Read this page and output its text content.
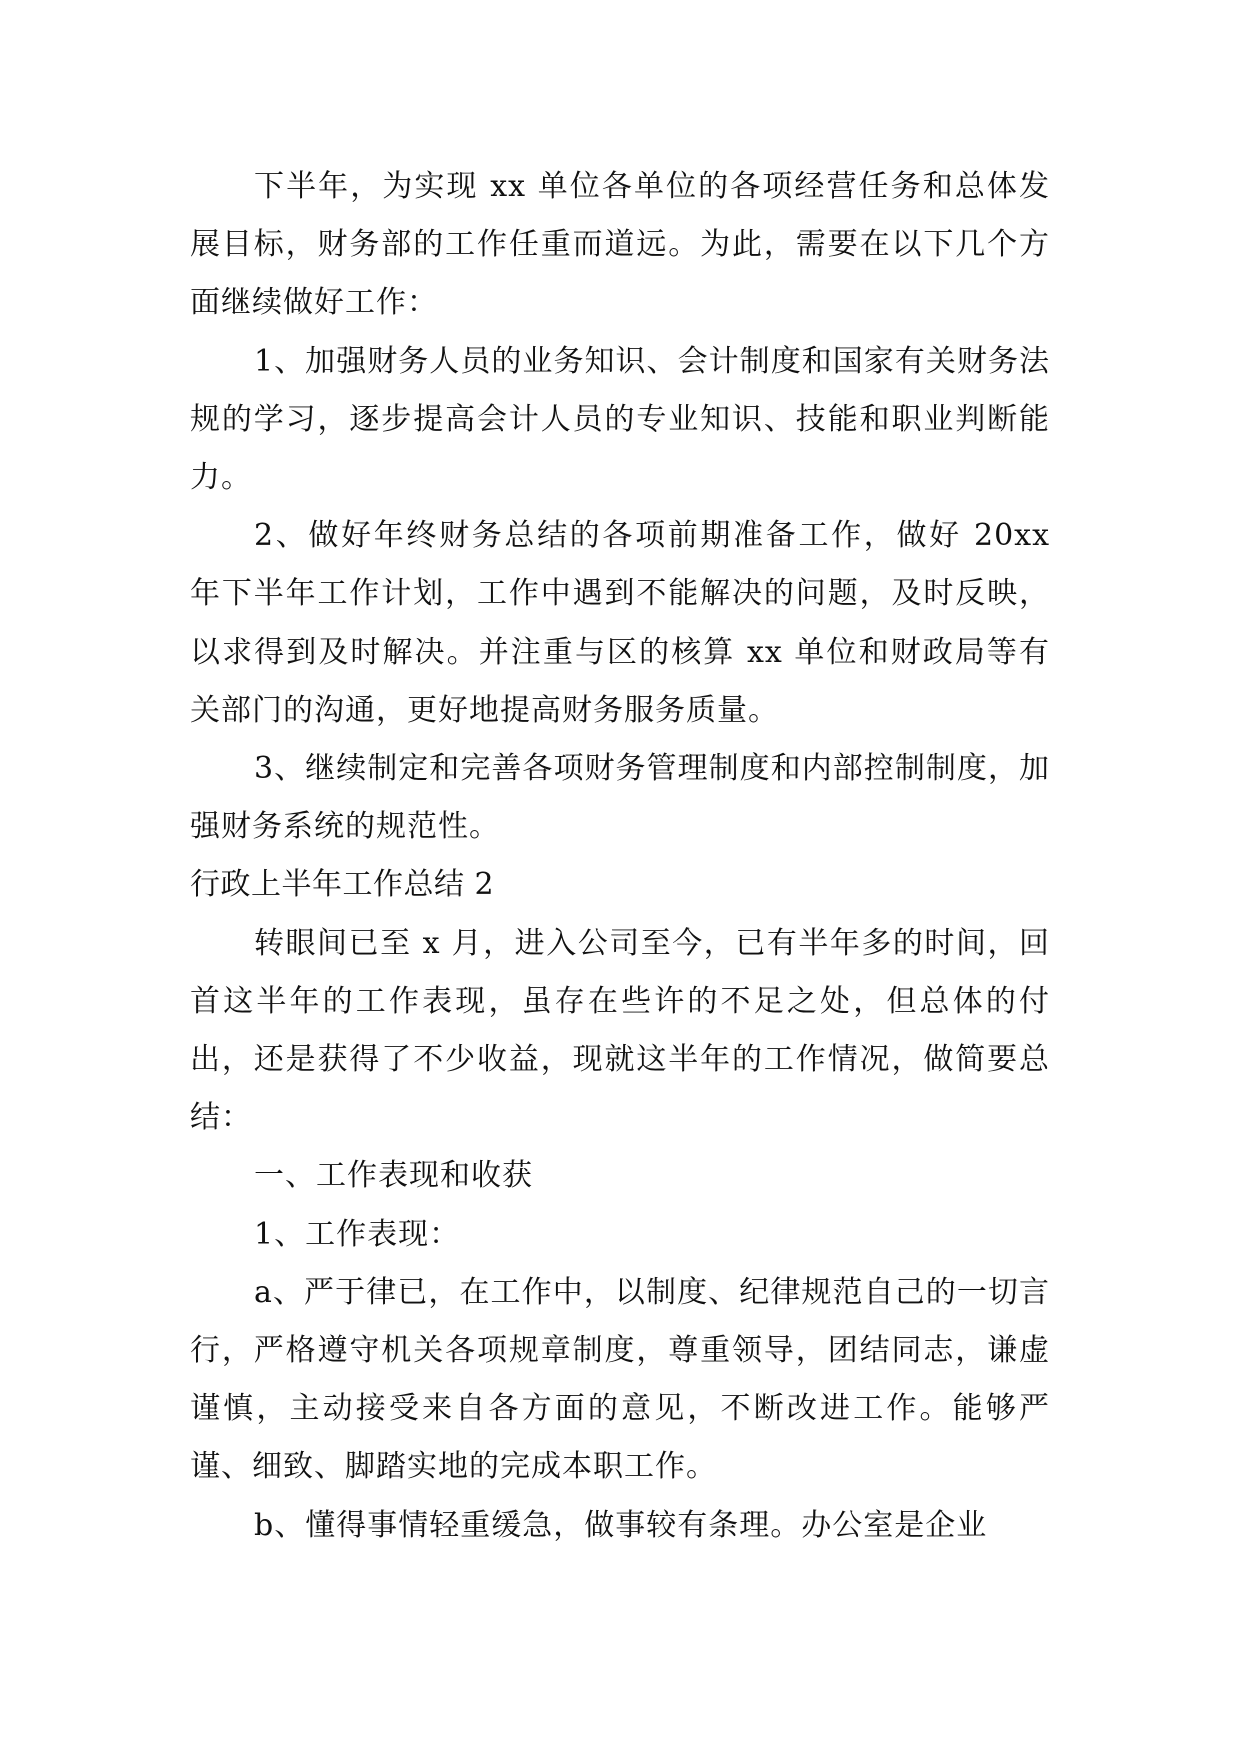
下半年，为实现 xx 单位各单位的各项经营任务和总体发展目标，财务部的工作任重而道远。为此，需要在以下几个方面继续做好工作：

1、加强财务人员的业务知识、会计制度和国家有关财务法规的学习，逐步提高会计人员的专业知识、技能和职业判断能力。

2、做好年终财务总结的各项前期准备工作，做好 20xx 年下半年工作计划，工作中遇到不能解决的问题，及时反映，以求得到及时解决。并注重与区的核算 xx 单位和财政局等有关部门的沟通，更好地提高财务服务质量。

3、继续制定和完善各项财务管理制度和内部控制制度，加强财务系统的规范性。

行政上半年工作总结 2

转眼间已至 x 月，进入公司至今，已有半年多的时间，回首这半年的工作表现，虽存在些许的不足之处，但总体的付出，还是获得了不少收益，现就这半年的工作情况，做简要总结：

一、工作表现和收获

1、工作表现：

a、严于律已，在工作中，以制度、纪律规范自己的一切言行，严格遵守机关各项规章制度，尊重领导，团结同志，谦虚谨慎，主动接受来自各方面的意见，不断改进工作。能够严谨、细致、脚踏实地的完成本职工作。

b、懂得事情轻重缓急，做事较有条理。办公室是企业
